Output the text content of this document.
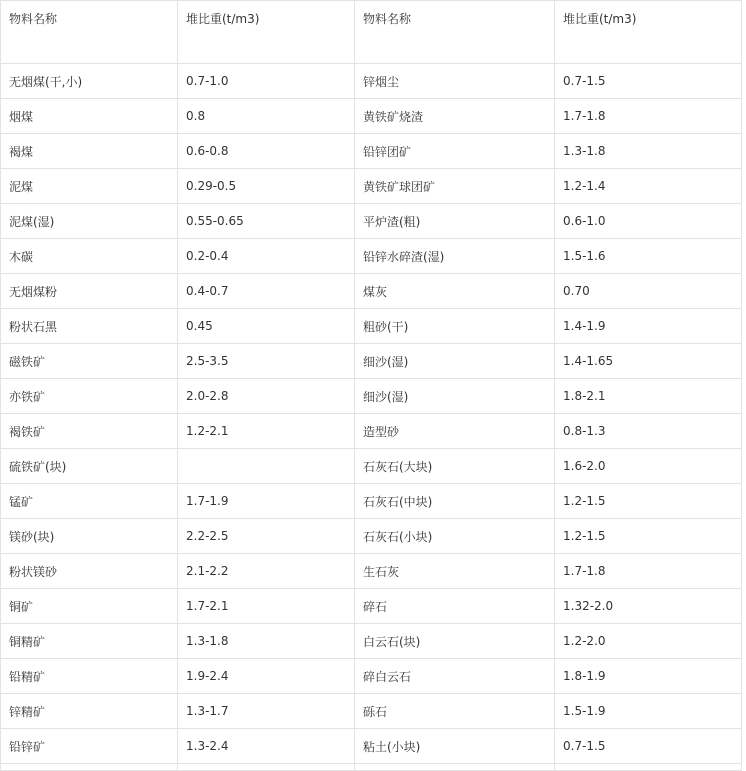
物料名称	堆比重(t/m3)	物料名称	堆比重(t/m3)
无烟煤(干,小)	0.7-1.0	锌烟尘	0.7-1.5
烟煤	0.8	黄铁矿烧渣	1.7-1.8
褐煤	0.6-0.8	铅锌团矿	1.3-1.8
泥煤	0.29-0.5	黄铁矿球团矿	1.2-1.4
泥煤(湿)	0.55-0.65	平炉渣(粗)	0.6-1.0
木碳	0.2-0.4	铅锌水碎渣(湿)	1.5-1.6
无烟煤粉	0.4-0.7	煤灰	0.70
粉状石黑	0.45	粗砂(干)	1.4-1.9
磁铁矿	2.5-3.5	细沙(湿)	1.4-1.65
亦铁矿	2.0-2.8	细沙(湿)	1.8-2.1
褐铁矿	1.2-2.1	造型砂	0.8-1.3
硫铁矿(块)		石灰石(大块)	1.6-2.0
锰矿	1.7-1.9	石灰石(中块)	1.2-1.5
镁砂(块)	2.2-2.5	石灰石(小块)	1.2-1.5
粉状镁砂	2.1-2.2	生石灰	1.7-1.8
铜矿	1.7-2.1	碎石	1.32-2.0
铜精矿	1.3-1.8	白云石(块)	1.2-2.0
铅精矿	1.9-2.4	碎白云石	1.8-1.9
锌精矿	1.3-1.7	砾石	1.5-1.9
铅锌矿	1.3-2.4	粘土(小块)	0.7-1.5
